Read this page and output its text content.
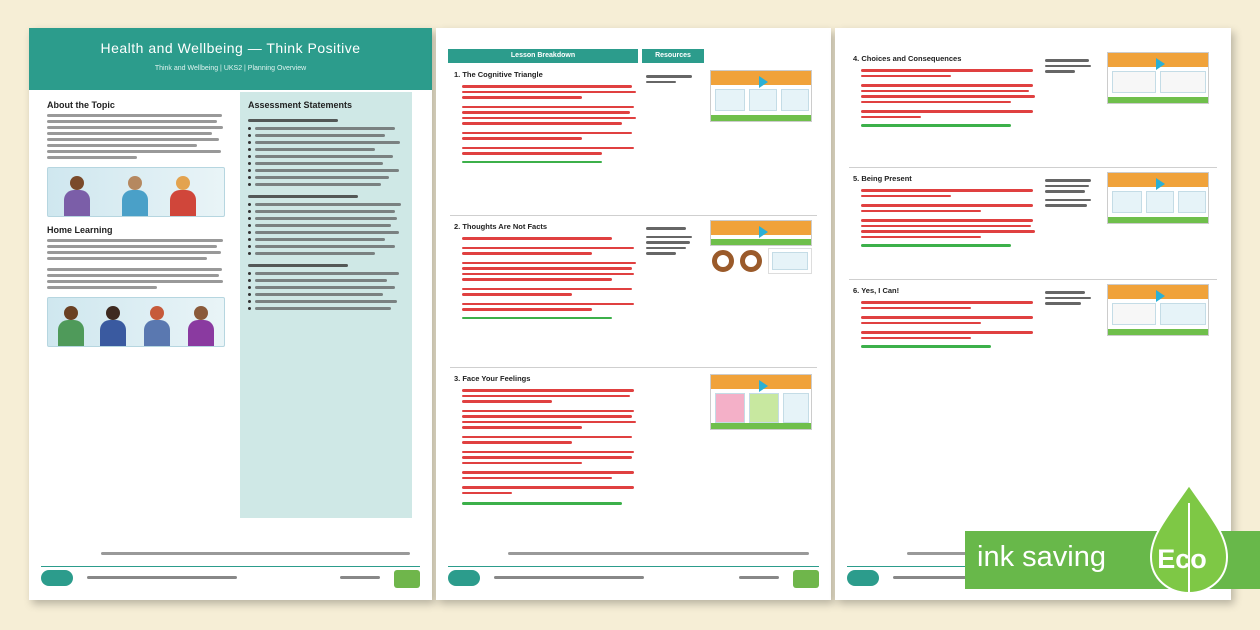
Health and Wellbeing — Think Positive
Think and Wellbeing | UKS2 | Planning Overview
About the Topic
Home Learning
Assessment Statements
Lesson Breakdown	Resources
1. The Cognitive Triangle
2. Thoughts Are Not Facts
3. Face Your Feelings
4. Choices and Consequences
5. Being Present
6. Yes, I Can!
ink saving Eco
